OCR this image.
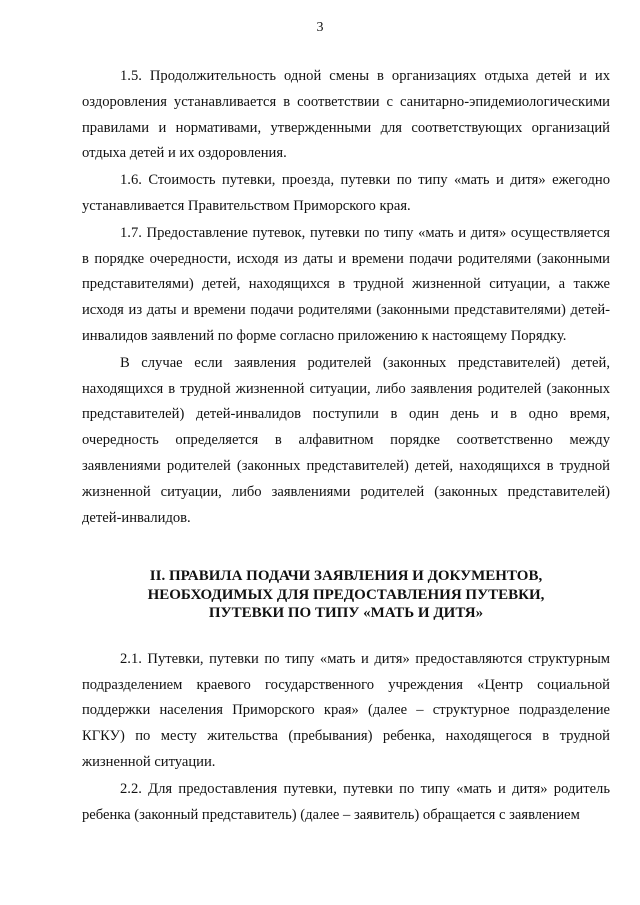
3

1.5. Продолжительность одной смены в организациях отдыха детей и их оздоровления устанавливается в соответствии с санитарно-эпидемиологическими правилами и нормативами, утвержденными для соответствующих организаций отдыха детей и их оздоровления.

1.6. Стоимость путевки, проезда, путевки по типу «мать и дитя» ежегодно устанавливается Правительством Приморского края.

1.7. Предоставление путевок, путевки по типу «мать и дитя» осуществляется в порядке очередности, исходя из даты и времени подачи родителями (законными представителями) детей, находящихся в трудной жизненной ситуации, а также исходя из даты и времени подачи родителями (законными представителями) детей-инвалидов заявлений по форме согласно приложению к настоящему Порядку.

В случае если заявления родителей (законных представителей) детей, находящихся в трудной жизненной ситуации, либо заявления родителей (законных представителей) детей-инвалидов поступили в один день и в одно время, очередность определяется в алфавитном порядке соответственно между заявлениями родителей (законных представителей) детей, находящихся в трудной жизненной ситуации, либо заявлениями родителей (законных представителей) детей-инвалидов.

II. ПРАВИЛА ПОДАЧИ ЗАЯВЛЕНИЯ И ДОКУМЕНТОВ,
НЕОБХОДИМЫХ ДЛЯ ПРЕДОСТАВЛЕНИЯ ПУТЕВКИ,
ПУТЕВКИ ПО ТИПУ «МАТЬ И ДИТЯ»

2.1. Путевки, путевки по типу «мать и дитя» предоставляются структурным подразделением краевого государственного учреждения «Центр социальной поддержки населения Приморского края» (далее – структурное подразделение КГКУ) по месту жительства (пребывания) ребенка, находящегося в трудной жизненной ситуации.

2.2. Для предоставления путевки, путевки по типу «мать и дитя» родитель ребенка (законный представитель) (далее – заявитель) обращается с заявлением
